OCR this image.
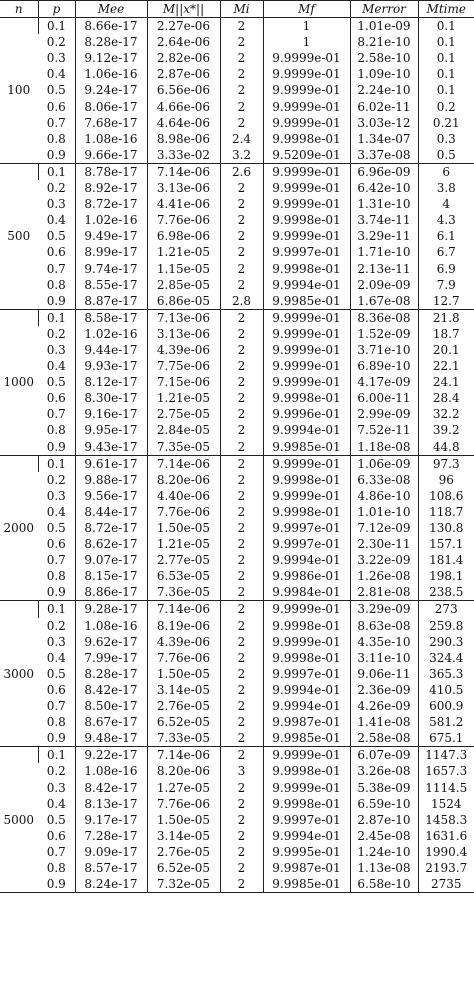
n	p	Mee	M||x*||	Mi	Mf	Merror	Mtime
100	0.1	8.66e-17	2.27e-06	2	1	1.01e-09	0.1
	0.2	8.28e-17	2.64e-06	2	1	8.21e-10	0.1
	0.3	9.12e-17	2.82e-06	2	9.9999e-01	2.58e-10	0.1
	0.4	1.06e-16	2.87e-06	2	9.9999e-01	1.09e-10	0.1
	0.5	9.24e-17	6.56e-06	2	9.9999e-01	2.24e-10	0.1
	0.6	8.06e-17	4.66e-06	2	9.9999e-01	6.02e-11	0.2
	0.7	7.68e-17	4.64e-06	2	9.9999e-01	3.03e-12	0.21
	0.8	1.08e-16	8.98e-06	2.4	9.9998e-01	1.34e-07	0.3
	0.9	9.66e-17	3.33e-02	3.2	9.5209e-01	3.37e-08	0.5
500	0.1	8.78e-17	7.14e-06	2.6	9.9999e-01	6.96e-09	6
	0.2	8.92e-17	3.13e-06	2	9.9999e-01	6.42e-10	3.8
	0.3	8.72e-17	4.41e-06	2	9.9999e-01	1.31e-10	4
	0.4	1.02e-16	7.76e-06	2	9.9998e-01	3.74e-11	4.3
	0.5	9.49e-17	6.98e-06	2	9.9999e-01	3.29e-11	6.1
	0.6	8.99e-17	1.21e-05	2	9.9997e-01	1.71e-10	6.7
	0.7	9.74e-17	1.15e-05	2	9.9998e-01	2.13e-11	6.9
	0.8	8.55e-17	2.85e-05	2	9.9994e-01	2.09e-09	7.9
	0.9	8.87e-17	6.86e-05	2.8	9.9985e-01	1.67e-08	12.7
1000	0.1	8.58e-17	7.13e-06	2	9.9999e-01	8.36e-08	21.8
	0.2	1.02e-16	3.13e-06	2	9.9999e-01	1.52e-09	18.7
	0.3	9.44e-17	4.39e-06	2	9.9999e-01	3.71e-10	20.1
	0.4	9.93e-17	7.75e-06	2	9.9999e-01	6.89e-10	22.1
	0.5	8.12e-17	7.15e-06	2	9.9999e-01	4.17e-09	24.1
	0.6	8.30e-17	1.21e-05	2	9.9998e-01	6.00e-11	28.4
	0.7	9.16e-17	2.75e-05	2	9.9996e-01	2.99e-09	32.2
	0.8	9.95e-17	2.84e-05	2	9.9994e-01	7.52e-11	39.2
	0.9	9.43e-17	7.35e-05	2	9.9985e-01	1.18e-08	44.8
2000	0.1	9.61e-17	7.14e-06	2	9.9999e-01	1.06e-09	97.3
	0.2	9.88e-17	8.20e-06	2	9.9998e-01	6.33e-08	96
	0.3	9.56e-17	4.40e-06	2	9.9999e-01	4.86e-10	108.6
	0.4	8.44e-17	7.76e-06	2	9.9998e-01	1.01e-10	118.7
	0.5	8.72e-17	1.50e-05	2	9.9997e-01	7.12e-09	130.8
	0.6	8.62e-17	1.21e-05	2	9.9997e-01	2.30e-11	157.1
	0.7	9.07e-17	2.77e-05	2	9.9994e-01	3.22e-09	181.4
	0.8	8.15e-17	6.53e-05	2	9.9986e-01	1.26e-08	198.1
	0.9	8.86e-17	7.36e-05	2	9.9984e-01	2.81e-08	238.5
3000	0.1	9.28e-17	7.14e-06	2	9.9999e-01	3.29e-09	273
	0.2	1.08e-16	8.19e-06	2	9.9998e-01	8.63e-08	259.8
	0.3	9.62e-17	4.39e-06	2	9.9999e-01	4.35e-10	290.3
	0.4	7.99e-17	7.76e-06	2	9.9998e-01	3.11e-10	324.4
	0.5	8.28e-17	1.50e-05	2	9.9997e-01	9.06e-11	365.3
	0.6	8.42e-17	3.14e-05	2	9.9994e-01	2.36e-09	410.5
	0.7	8.50e-17	2.76e-05	2	9.9994e-01	4.26e-09	600.9
	0.8	8.67e-17	6.52e-05	2	9.9987e-01	1.41e-08	581.2
	0.9	9.48e-17	7.33e-05	2	9.9985e-01	2.58e-08	675.1
5000	0.1	9.22e-17	7.14e-06	2	9.9999e-01	6.07e-09	1147.3
	0.2	1.08e-16	8.20e-06	3	9.9998e-01	3.26e-08	1657.3
	0.3	8.42e-17	1.27e-05	2	9.9999e-01	5.38e-09	1114.5
	0.4	8.13e-17	7.76e-06	2	9.9998e-01	6.59e-10	1524
	0.5	9.17e-17	1.50e-05	2	9.9997e-01	2.87e-10	1458.3
	0.6	7.28e-17	3.14e-05	2	9.9994e-01	2.45e-08	1631.6
	0.7	9.09e-17	2.76e-05	2	9.9995e-01	1.24e-10	1990.4
	0.8	8.57e-17	6.52e-05	2	9.9987e-01	1.13e-08	2193.7
	0.9	8.24e-17	7.32e-05	2	9.9985e-01	6.58e-10	2735
